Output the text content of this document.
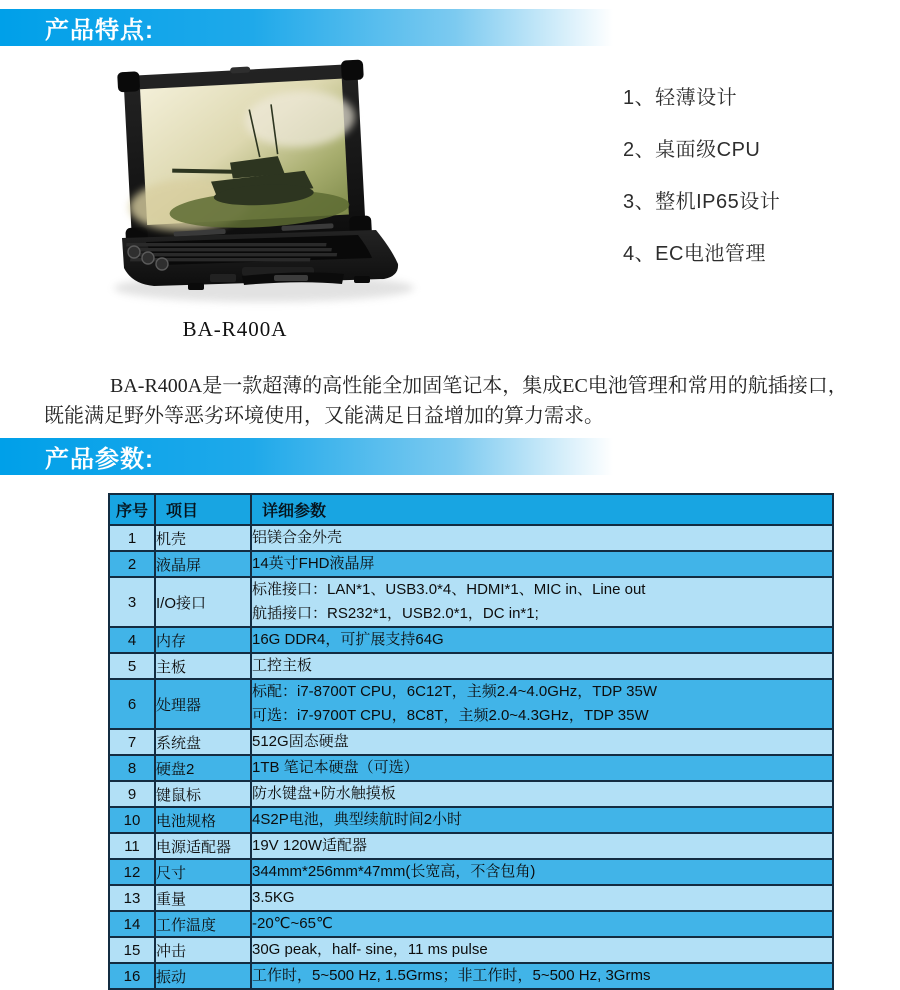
产品特点:
BA-R400A
1、轻薄设计
2、桌面级CPU
3、整机IP65设计
4、EC电池管理

BA-R400A是一款超薄的高性能全加固笔记本，集成EC电池管理和常用的航插接口，既能满足野外等恶劣环境使用，又能满足日益增加的算力需求。

产品参数:
序号	项目	详细参数
1	机壳	铝镁合金外壳

2	液晶屏	14英寸FHD液晶屏

3	I/O接口	标准接口：LAN*1、USB3.0*4、HDMI*1、MIC in、Line out
航插接口：RS232*1，USB2.0*1，DC in*1;

4	内存	16G DDR4，可扩展支持64G

5	主板	工控主板

6	处理器	标配：i7-8700T CPU，6C12T，主频2.4~4.0GHz，TDP 35W
可选：i7-9700T CPU，8C8T，主频2.0~4.3GHz，TDP 35W

7	系统盘	512G固态硬盘

8	硬盘2	1TB 笔记本硬盘（可选）

9	键鼠标	防水键盘+防水触摸板

10	电池规格	4S2P电池，典型续航时间2小时

11	电源适配器	19V 120W适配器

12	尺寸	344mm*256mm*47mm(长宽高，不含包角)

13	重量	3.5KG

14	工作温度	-20℃~65℃

15	冲击	30G peak，half- sine，11 ms pulse

16	振动	工作时，5~500 Hz, 1.5Grms；非工作时，5~500 Hz, 3Grms
